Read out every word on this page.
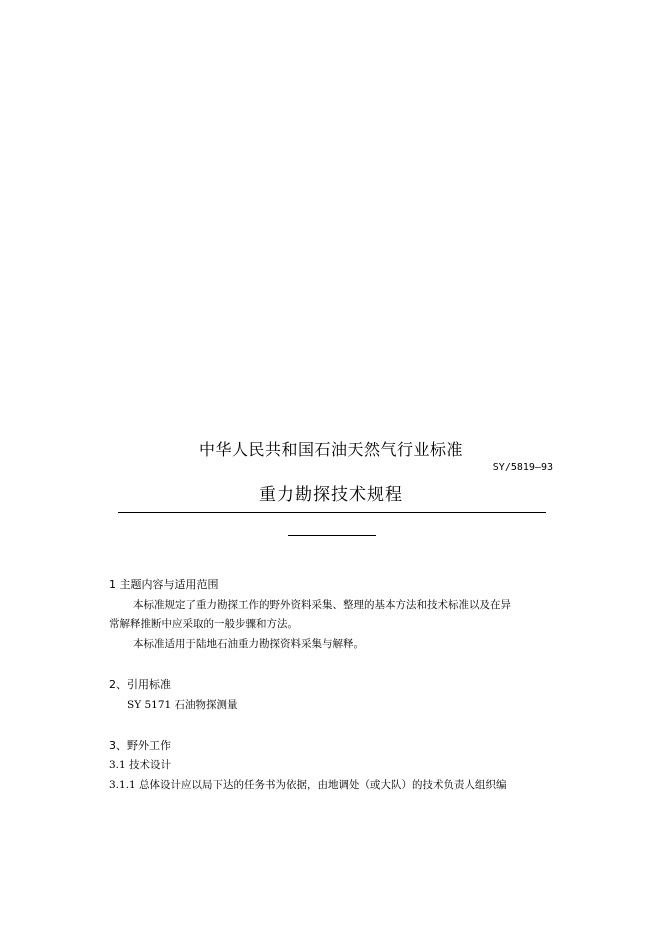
中华人民共和国石油天然气行业标准
SY/5819—93
重力勘探技术规程
1 主题内容与适用范围
本标准规定了重力勘探工作的野外资料采集、整理的基本方法和技术标准以及在异
常解释推断中应采取的一般步骤和方法。
本标准适用于陆地石油重力勘探资料采集与解释。
2、引用标准
SY 5171 石油物探测量
3、野外工作
3.1 技术设计
3.1.1 总体设计应以局下达的任务书为依据，由地调处（或大队）的技术负责人组织编
